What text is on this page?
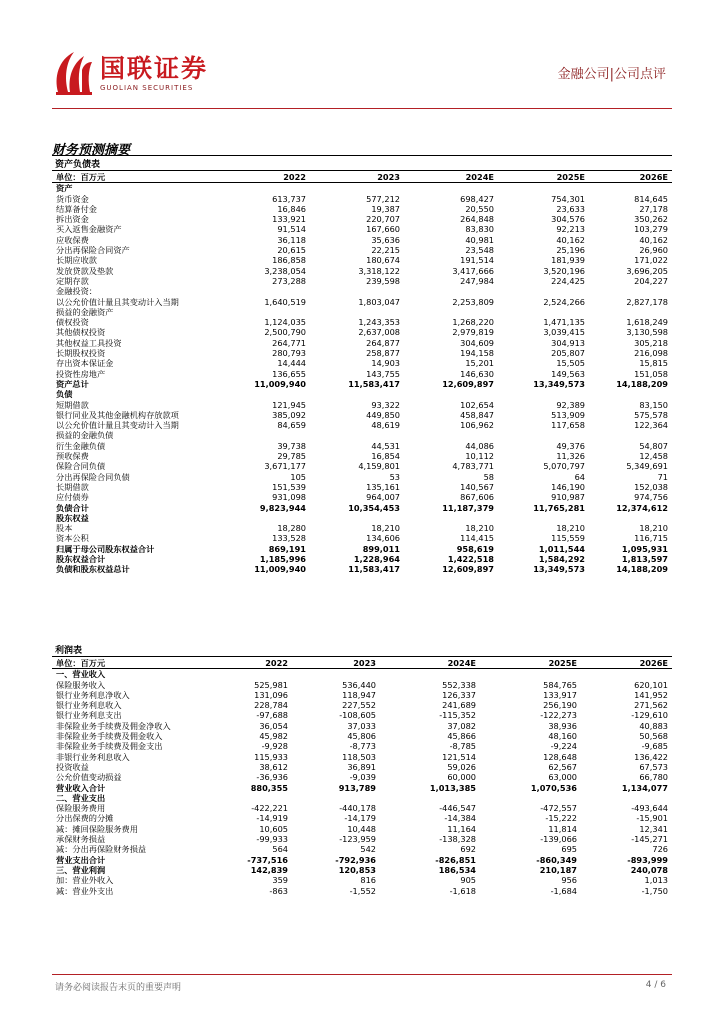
国联证券
GUOLIAN SECURITIES
金融公司|公司点评
财务预测摘要
资产负债表
单位：百万元	2022	2023	2024E	2025E	2026E
资产					
货币资金	613,737	577,212	698,427	754,301	814,645
结算备付金	16,846	19,387	20,550	23,633	27,178
拆出资金	133,921	220,707	264,848	304,576	350,262
买入返售金融资产	91,514	167,660	83,830	92,213	103,279
应收保费	36,118	35,636	40,981	40,162	40,162
分出再保险合同资产	20,615	22,215	23,548	25,196	26,960
长期应收款	186,858	180,674	191,514	181,939	171,022
发放贷款及垫款	3,238,054	3,318,122	3,417,666	3,520,196	3,696,205
定期存款	273,288	239,598	247,984	224,425	204,227
金融投资：					
以公允价值计量且其变动计入当期	1,640,519	1,803,047	2,253,809	2,524,266	2,827,178
损益的金融资产					
债权投资	1,124,035	1,243,353	1,268,220	1,471,135	1,618,249
其他债权投资	2,500,790	2,637,008	2,979,819	3,039,415	3,130,598
其他权益工具投资	264,771	264,877	304,609	304,913	305,218
长期股权投资	280,793	258,877	194,158	205,807	216,098
存出资本保证金	14,444	14,903	15,201	15,505	15,815
投资性房地产	136,655	143,755	146,630	149,563	151,058
资产总计	11,009,940	11,583,417	12,609,897	13,349,573	14,188,209
负债					
短期借款	121,945	93,322	102,654	92,389	83,150
银行同业及其他金融机构存放款项	385,092	449,850	458,847	513,909	575,578
以公允价值计量且其变动计入当期	84,659	48,619	106,962	117,658	122,364
损益的金融负债					
衍生金融负债	39,738	44,531	44,086	49,376	54,807
预收保费	29,785	16,854	10,112	11,326	12,458
保险合同负债	3,671,177	4,159,801	4,783,771	5,070,797	5,349,691
分出再保险合同负债	105	53	58	64	71
长期借款	151,539	135,161	140,567	146,190	152,038
应付债券	931,098	964,007	867,606	910,987	974,756
负债合计	9,823,944	10,354,453	11,187,379	11,765,281	12,374,612
股东权益					
股本	18,280	18,210	18,210	18,210	18,210
资本公积	133,528	134,606	114,415	115,559	116,715
归属于母公司股东权益合计	869,191	899,011	958,619	1,011,544	1,095,931
股东权益合计	1,185,996	1,228,964	1,422,518	1,584,292	1,813,597
负债和股东权益总计	11,009,940	11,583,417	12,609,897	13,349,573	14,188,209
利润表
单位：百万元	2022	2023	2024E	2025E	2026E
一、营业收入					
保险服务收入	525,981	536,440	552,338	584,765	620,101
银行业务利息净收入	131,096	118,947	126,337	133,917	141,952
银行业务利息收入	228,784	227,552	241,689	256,190	271,562
银行业务利息支出	-97,688	-108,605	-115,352	-122,273	-129,610
非保险业务手续费及佣金净收入	36,054	37,033	37,082	38,936	40,883
非保险业务手续费及佣金收入	45,982	45,806	45,866	48,160	50,568
非保险业务手续费及佣金支出	-9,928	-8,773	-8,785	-9,224	-9,685
非银行业务利息收入	115,933	118,503	121,514	128,648	136,422
投资收益	38,612	36,891	59,026	62,567	67,573
公允价值变动损益	-36,936	-9,039	60,000	63,000	66,780
营业收入合计	880,355	913,789	1,013,385	1,070,536	1,134,077
二、营业支出					
保险服务费用	-422,221	-440,178	-446,547	-472,557	-493,644
分出保费的分摊	-14,919	-14,179	-14,384	-15,222	-15,901
减：摊回保险服务费用	10,605	10,448	11,164	11,814	12,341
承保财务损益	-99,933	-123,959	-138,328	-139,066	-145,271
减：分出再保险财务损益	564	542	692	695	726
营业支出合计	-737,516	-792,936	-826,851	-860,349	-893,999
三、营业利润	142,839	120,853	186,534	210,187	240,078
加：营业外收入	359	816	905	956	1,013
减：营业外支出	-863	-1,552	-1,618	-1,684	-1,750
请务必阅读报告末页的重要声明	4 / 6
